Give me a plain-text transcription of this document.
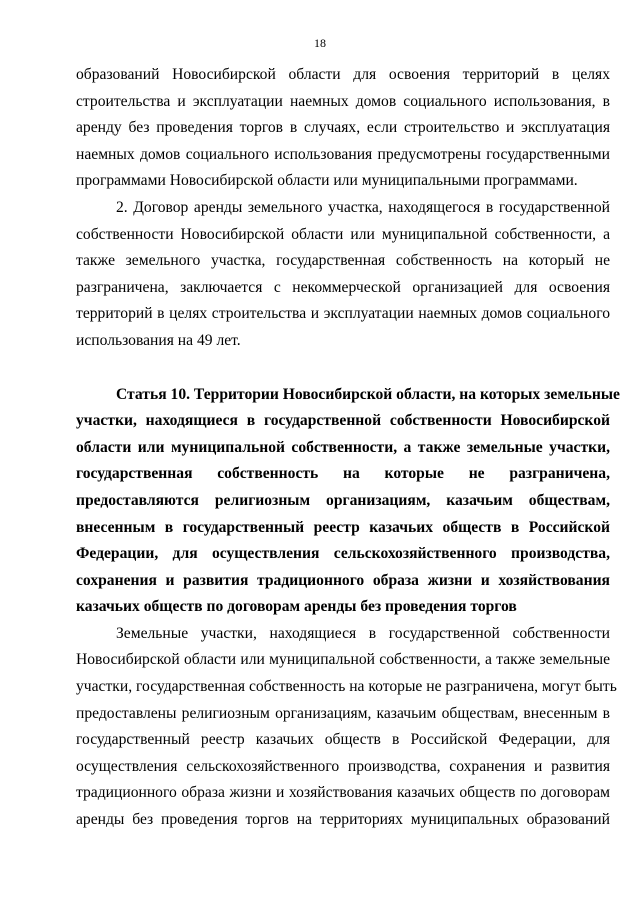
18

образований Новосибирской области для освоения территорий в целях
строительства и эксплуатации наемных домов социального использования, в
аренду без проведения торгов в случаях, если строительство и эксплуатация
наемных домов социального использования предусмотрены государственными
программами Новосибирской области или муниципальными программами.

2. Договор аренды земельного участка, находящегося в государственной
собственности Новосибирской области или муниципальной собственности, а
также земельного участка, государственная собственность на который не
разграничена, заключается с некоммерческой организацией для освоения
территорий в целях строительства и эксплуатации наемных домов социального
использования на 49 лет.

Статья 10. Территории Новосибирской области, на которых земельные
участки, находящиеся в государственной собственности Новосибирской
области или муниципальной собственности, а также земельные участки,
государственная собственность на которые не разграничена,
предоставляются религиозным организациям, казачьим обществам,
внесенным в государственный реестр казачьих обществ в Российской
Федерации, для осуществления сельскохозяйственного производства,
сохранения и развития традиционного образа жизни и хозяйствования
казачьих обществ по договорам аренды без проведения торгов

Земельные участки, находящиеся в государственной собственности
Новосибирской области или муниципальной собственности, а также земельные
участки, государственная собственность на которые не разграничена, могут быть
предоставлены религиозным организациям, казачьим обществам, внесенным в
государственный реестр казачьих обществ в Российской Федерации, для
осуществления сельскохозяйственного производства, сохранения и развития
традиционного образа жизни и хозяйствования казачьих обществ по договорам
аренды без проведения торгов на территориях муниципальных образований
